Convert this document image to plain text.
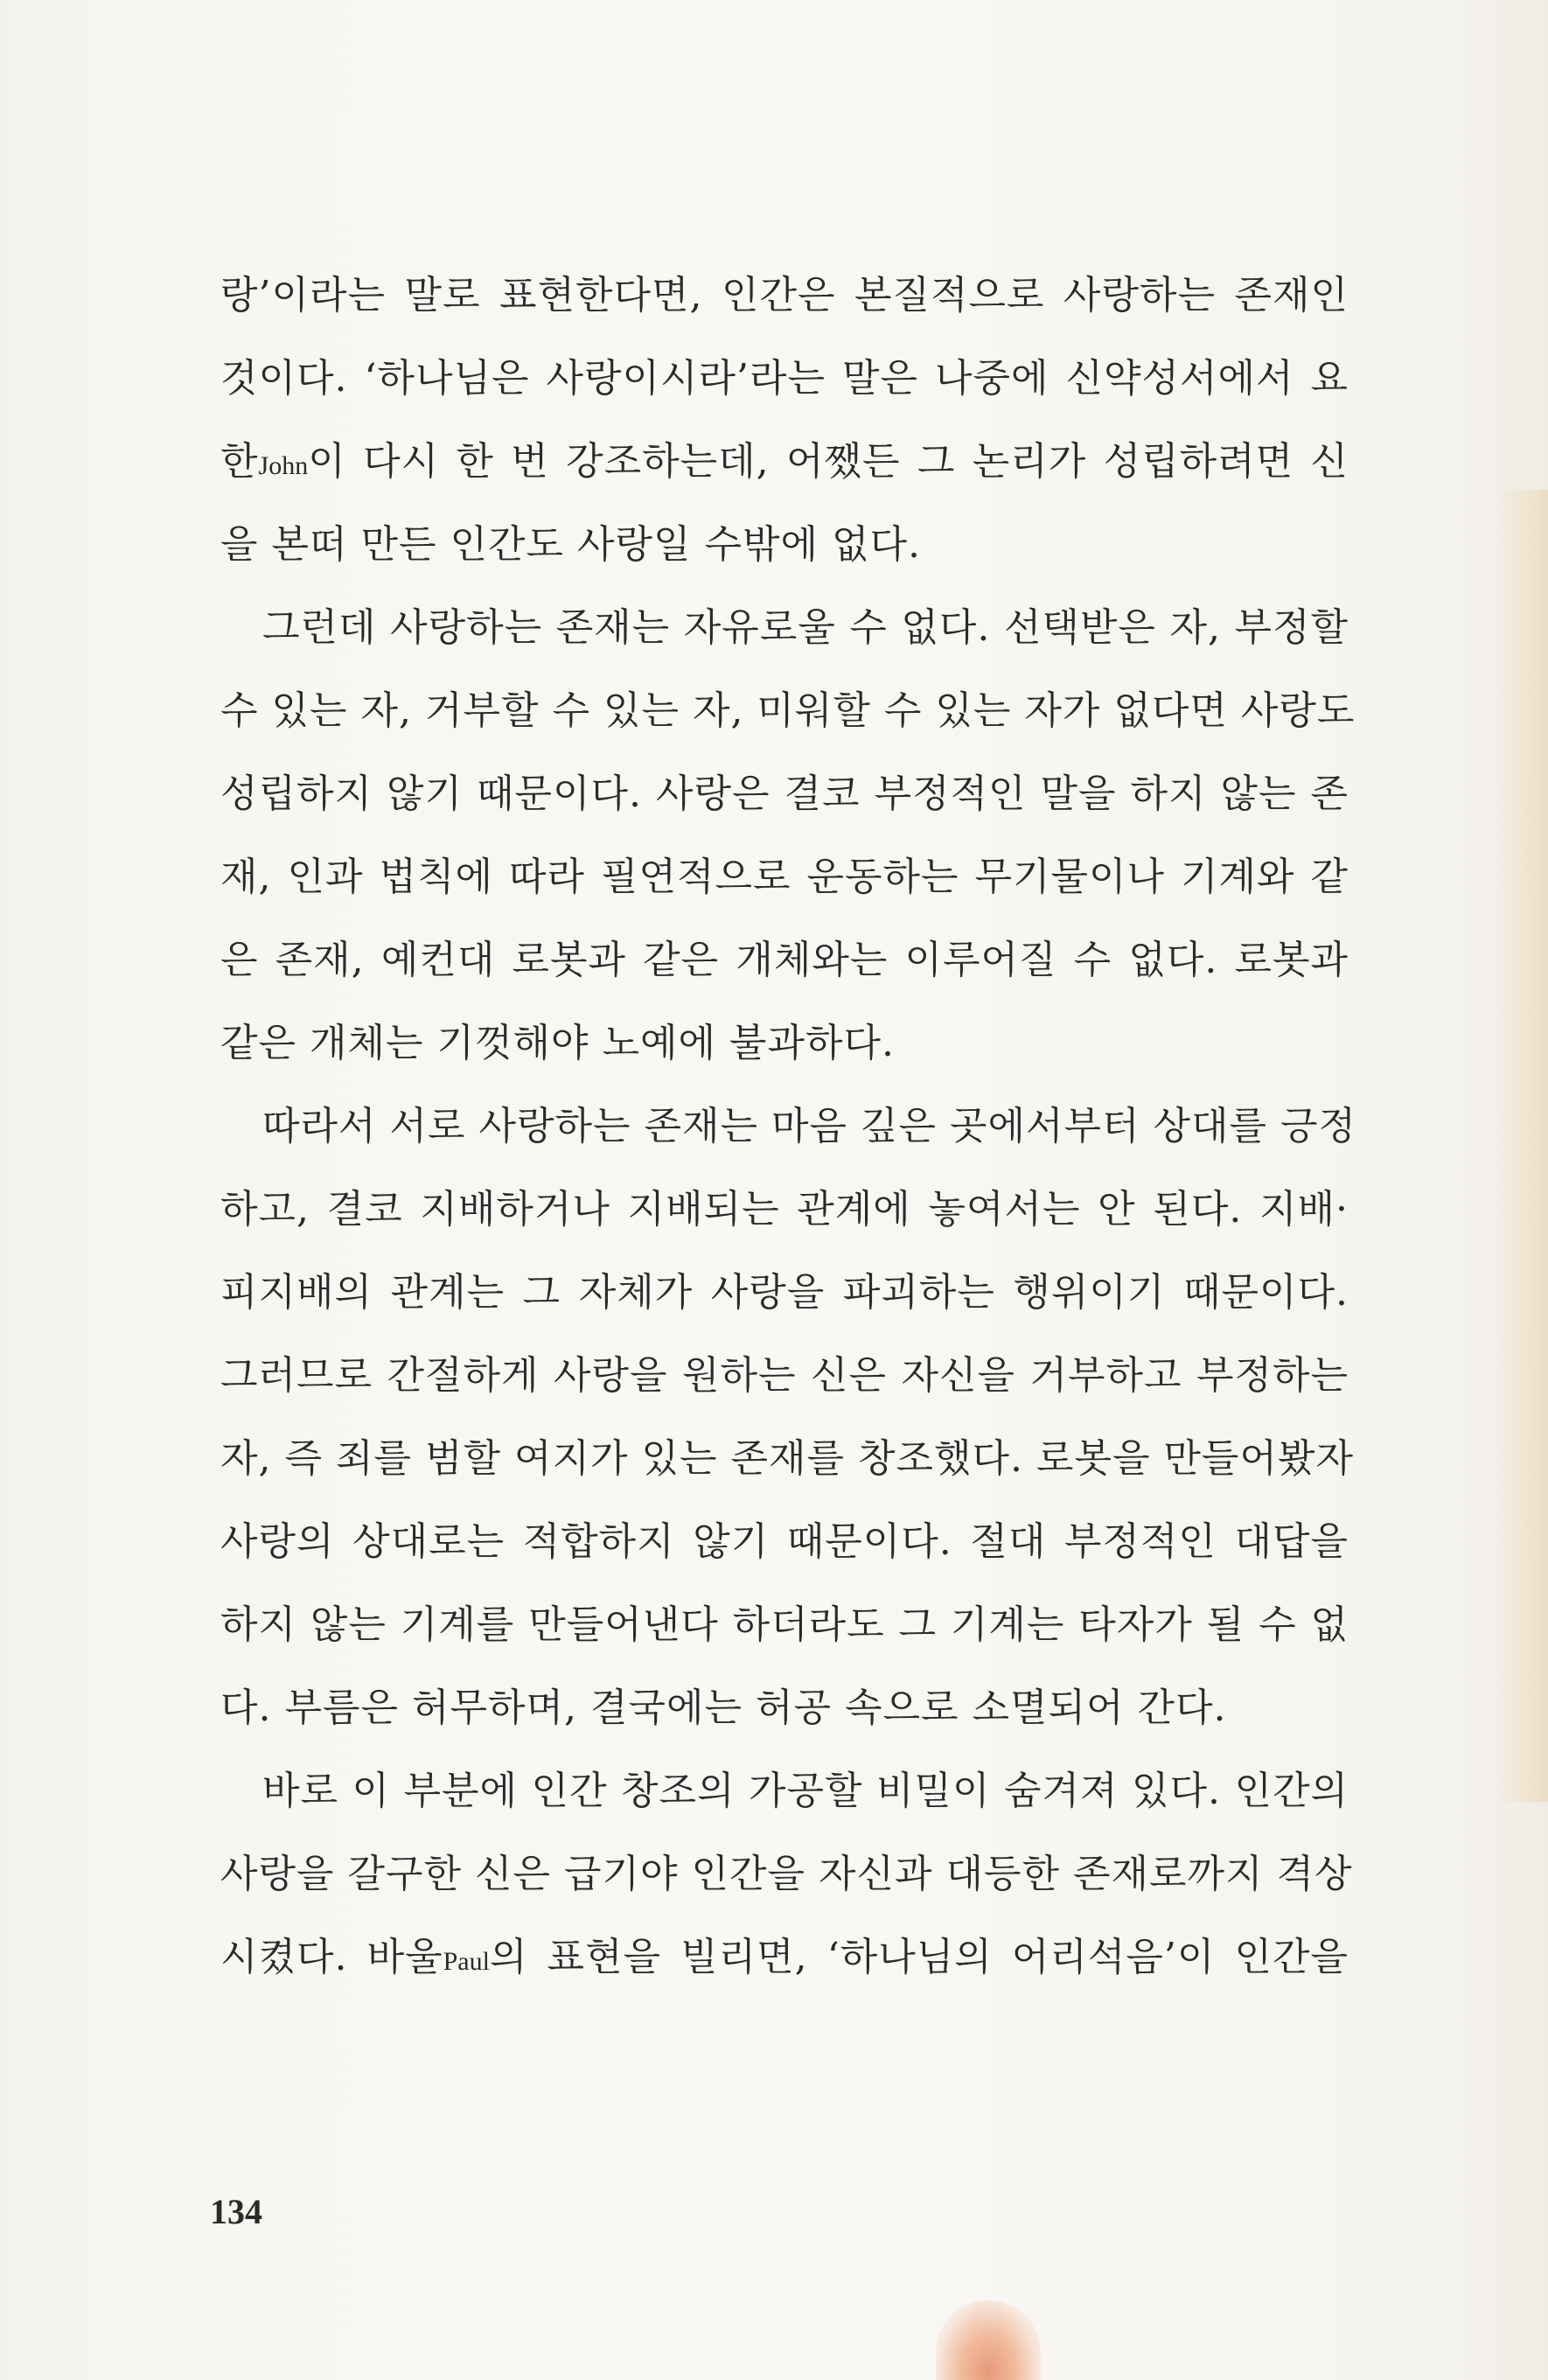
랑’이라는 말로 표현한다면, 인간은 본질적으로 사랑하는 존재인
것이다. ‘하나님은 사랑이시라’라는 말은 나중에 신약성서에서 요
한John이 다시 한 번 강조하는데, 어쨌든 그 논리가 성립하려면 신
을 본떠 만든 인간도 사랑일 수밖에 없다.
그런데 사랑하는 존재는 자유로울 수 없다. 선택받은 자, 부정할
수 있는 자, 거부할 수 있는 자, 미워할 수 있는 자가 없다면 사랑도
성립하지 않기 때문이다. 사랑은 결코 부정적인 말을 하지 않는 존
재, 인과 법칙에 따라 필연적으로 운동하는 무기물이나 기계와 같
은 존재, 예컨대 로봇과 같은 개체와는 이루어질 수 없다. 로봇과
같은 개체는 기껏해야 노예에 불과하다.
따라서 서로 사랑하는 존재는 마음 깊은 곳에서부터 상대를 긍정
하고, 결코 지배하거나 지배되는 관계에 놓여서는 안 된다. 지배·
피지배의 관계는 그 자체가 사랑을 파괴하는 행위이기 때문이다.
그러므로 간절하게 사랑을 원하는 신은 자신을 거부하고 부정하는
자, 즉 죄를 범할 여지가 있는 존재를 창조했다. 로봇을 만들어봤자
사랑의 상대로는 적합하지 않기 때문이다. 절대 부정적인 대답을
하지 않는 기계를 만들어낸다 하더라도 그 기계는 타자가 될 수 없
다. 부름은 허무하며, 결국에는 허공 속으로 소멸되어 간다.
바로 이 부분에 인간 창조의 가공할 비밀이 숨겨져 있다. 인간의
사랑을 갈구한 신은 급기야 인간을 자신과 대등한 존재로까지 격상
시켰다. 바울Paul의 표현을 빌리면, ‘하나님의 어리석음’이 인간을
134
